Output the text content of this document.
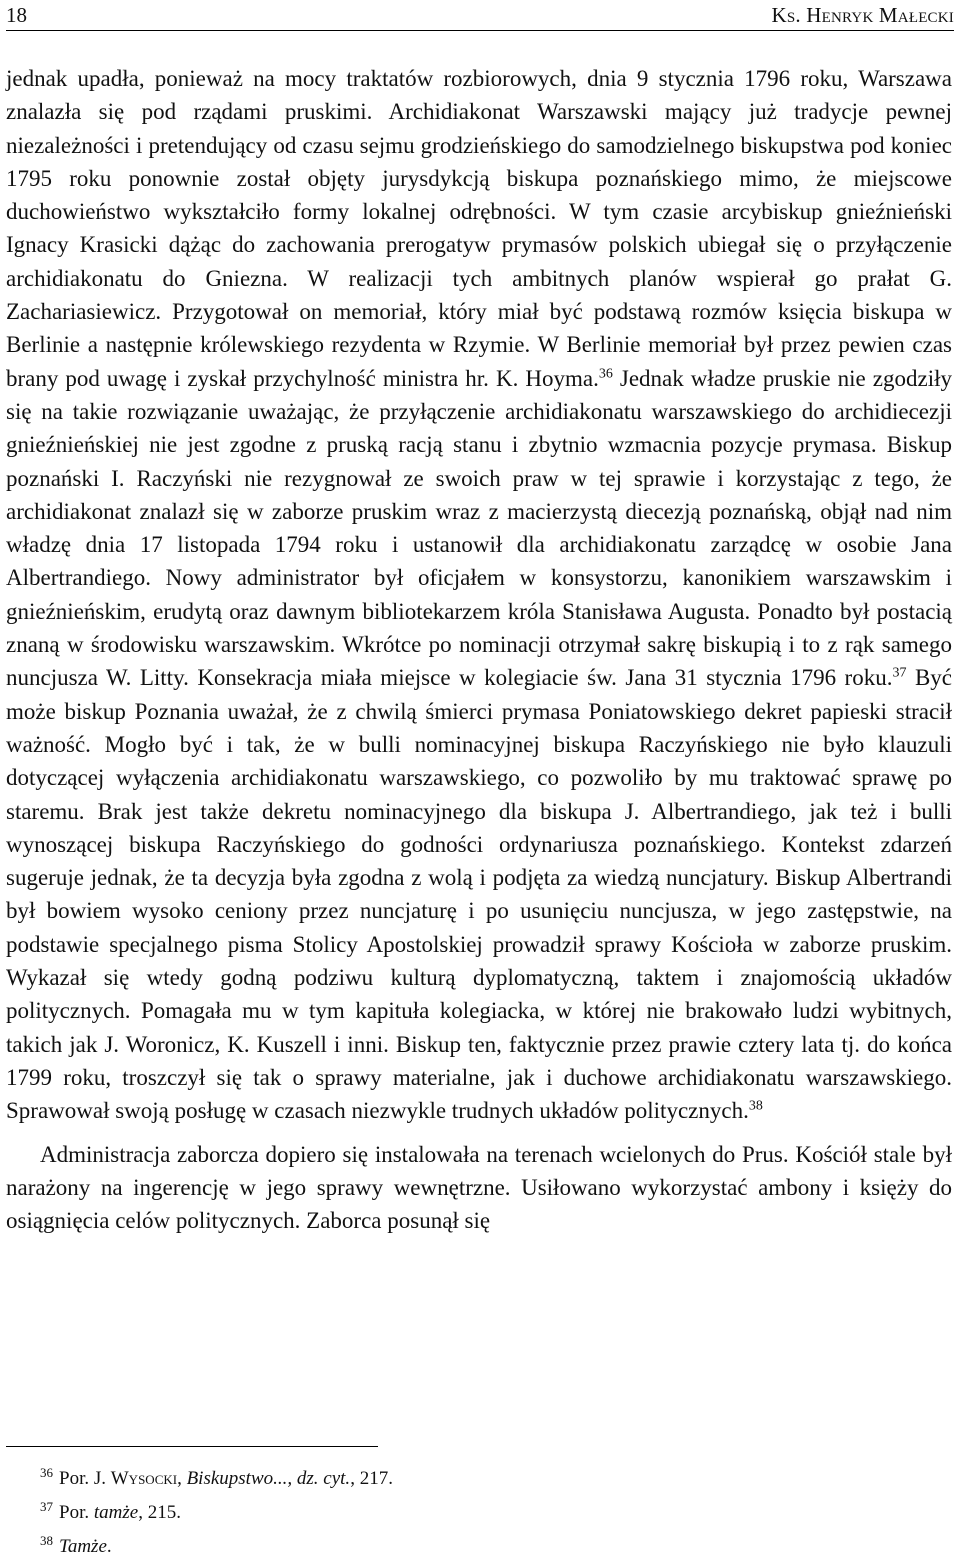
18	Ks. Henryk Małecki

jednak upadła, ponieważ na mocy traktatów rozbiorowych, dnia 9 stycznia 1796 roku, Warszawa znalazła się pod rządami pruskimi. Archidiakonat Warszawski mający już tradycje pewnej niezależności i pretendujący od czasu sejmu grodzieńskiego do samodzielnego biskupstwa pod koniec 1795 roku ponownie został objęty jurysdykcją biskupa poznańskiego mimo, że miejscowe duchowieństwo wykształciło formy lokalnej odrębności. W tym czasie arcybiskup gnieźnieński Ignacy Krasicki dążąc do zachowania prerogatyw prymasów polskich ubiegał się o przyłączenie archidiakonatu do Gniezna. W realizacji tych ambitnych planów wspierał go prałat G. Zachariasiewicz. Przygotował on memoriał, który miał być podstawą rozmów księcia biskupa w Berlinie a następnie królewskiego rezydenta w Rzymie. W Berlinie memoriał był przez pewien czas brany pod uwagę i zyskał przychylność ministra hr. K. Hoyma.$^{36}$ Jednak władze pruskie nie zgodziły się na takie rozwiązanie uważając, że przyłączenie archidiakonatu warszawskiego do archidiecezji gnieźnieńskiej nie jest zgodne z pruską racją stanu i zbytnio wzmacnia pozycje prymasa. Biskup poznański I. Raczyński nie rezygnował ze swoich praw w tej sprawie i korzystając z tego, że archidiakonat znalazł się w zaborze pruskim wraz z macierzystą diecezją poznańską, objął nad nim władzę dnia 17 listopada 1794 roku i ustanowił dla archidiakonatu zarządcę w osobie Jana Albertrandiego. Nowy administrator był oficjałem w konsystorzu, kanonikiem warszawskim i gnieźnieńskim, erudytą oraz dawnym bibliotekarzem króla Stanisława Augusta. Ponadto był postacią znaną w środowisku warszawskim. Wkrótce po nominacji otrzymał sakrę biskupią i to z rąk samego nuncjusza W. Litty. Konsekracja miała miejsce w kolegiacie św. Jana 31 stycznia 1796 roku.$^{37}$ Być może biskup Poznania uważał, że z chwilą śmierci prymasa Poniatowskiego dekret papieski stracił ważność. Mogło być i tak, że w bulli nominacyjnej biskupa Raczyńskiego nie było klauzuli dotyczącej wyłączenia archidiakonatu warszawskiego, co pozwoliło by mu traktować sprawę po staremu. Brak jest także dekretu nominacyjnego dla biskupa J. Albertrandiego, jak też i bulli wynoszącej biskupa Raczyńskiego do godności ordynariusza poznańskiego. Kontekst zdarzeń sugeruje jednak, że ta decyzja była zgodna z wolą i podjęta za wiedzą nuncjatury. Biskup Albertrandi był bowiem wysoko ceniony przez nuncjaturę i po usunięciu nuncjusza, w jego zastępstwie, na podstawie specjalnego pisma Stolicy Apostolskiej prowadził sprawy Kościoła w zaborze pruskim. Wykazał się wtedy godną podziwu kulturą dyplomatyczną, taktem i znajomością układów politycznych. Pomagała mu w tym kapituła kolegiacka, w której nie brakowało ludzi wybitnych, takich jak J. Woronicz, K. Kuszell i inni. Biskup ten, faktycznie przez prawie cztery lata tj. do końca 1799 roku, troszczył się tak o sprawy materialne, jak i duchowe archidiakonatu warszawskiego. Sprawował swoją posługę w czasach niezwykle trudnych układów politycznych.$^{38}$

Administracja zaborcza dopiero się instalowała na terenach wcielonych do Prus. Kościół stale był narażony na ingerencję w jego sprawy wewnętrzne. Usiłowano wykorzystać ambony i księży do osiągnięcia celów politycznych. Zaborca posunął się

$^{36}$ Por. J. Wysocki, Biskupstwo..., dz. cyt., 217.
$^{37}$ Por. tamże, 215.
$^{38}$ Tamże.
